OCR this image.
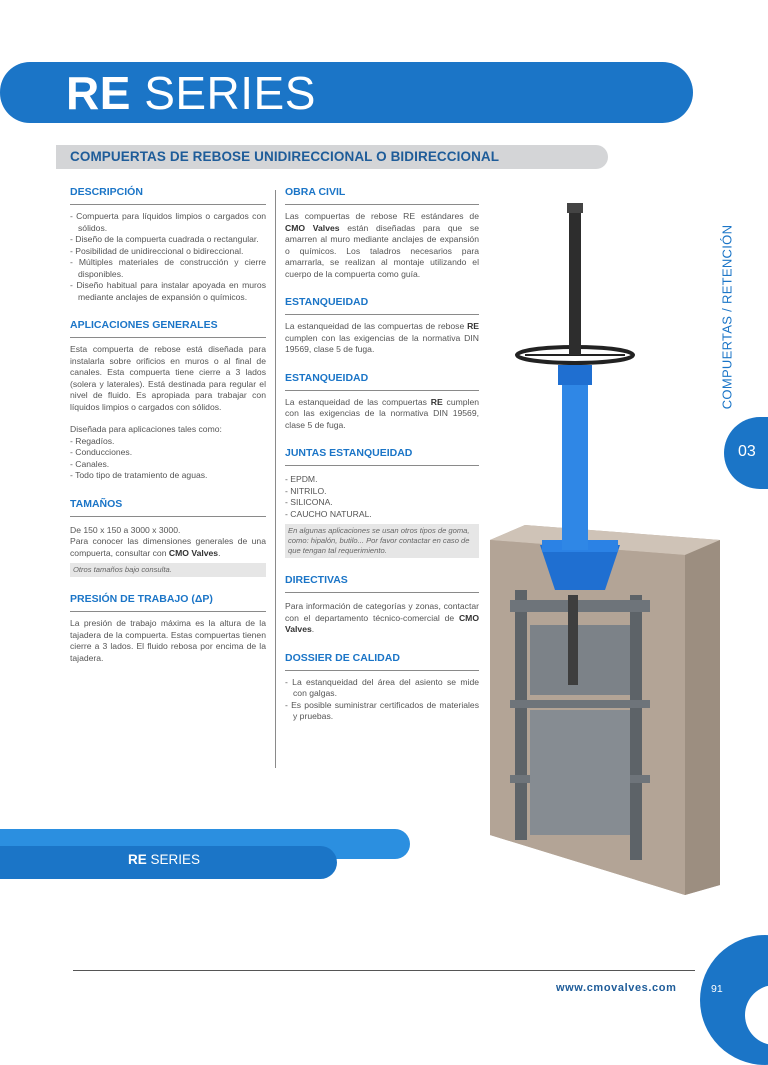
RE SERIES
COMPUERTAS DE REBOSE UNIDIRECCIONAL O BIDIRECCIONAL
DESCRIPCIÓN
- Compuerta para líquidos limpios o cargados con sólidos.
- Diseño de la compuerta cuadrada o rectangular.
- Posibilidad de unidireccional o bidireccional.
- Múltiples materiales de construcción y cierre disponibles.
- Diseño habitual para instalar apoyada en muros mediante anclajes de expansión o químicos.
APLICACIONES GENERALES

Esta compuerta de rebose está diseñada para instalarla sobre orificios en muros o al final de canales. Esta compuerta tiene cierre a 3 lados (solera y laterales). Está destinada para regular el nivel de fluido. Es apropiada para trabajar con líquidos limpios o cargados con sólidos.

Diseñada para aplicaciones tales como:

- Regadíos.
- Conducciones.
- Canales.
- Todo tipo de tratamiento de aguas.
TAMAÑOS

De 150 x 150 a 3000 x 3000.

Para conocer las dimensiones generales de una compuerta, consultar con CMO Valves.

Otros tamaños bajo consulta.
PRESIÓN DE TRABAJO (ΔP)

La presión de trabajo máxima es la altura de la tajadera de la compuerta. Estas compuertas tienen cierre a 3 lados. El fluido rebosa por encima de la tajadera.

OBRA CIVIL

Las compuertas de rebose RE estándares de CMO Valves están diseñadas para que se amarren al muro mediante anclajes de expansión o químicos. Los taladros necesarios para amarrarla, se realizan al montaje utilizando el cuerpo de la compuerta como guía.

ESTANQUEIDAD

La estanqueidad de las compuertas de rebose RE cumplen con las exigencias de la normativa DIN 19569, clase 5 de fuga.

ESTANQUEIDAD

La estanqueidad de las compuertas RE cumplen con las exigencias de la normativa DIN 19569, clase 5 de fuga.

JUNTAS ESTANQUEIDAD
- EPDM.
- NITRILO.
- SILICONA.
- CAUCHO NATURAL.
En algunas aplicaciones se usan otros tipos de goma, como: hipalón, butilo... Por favor contactar en caso de que tengan tal requerimiento.
DIRECTIVAS

Para información de categorías y zonas, contactar con el departamento técnico-comercial de CMO Valves.

DOSSIER DE CALIDAD
- La estanqueidad del área del asiento se mide con galgas.
- Es posible suministrar certificados de materiales y pruebas.
COMPUERTAS / RETENCIÓN
03
RE SERIES
www.cmovalves.com	91
